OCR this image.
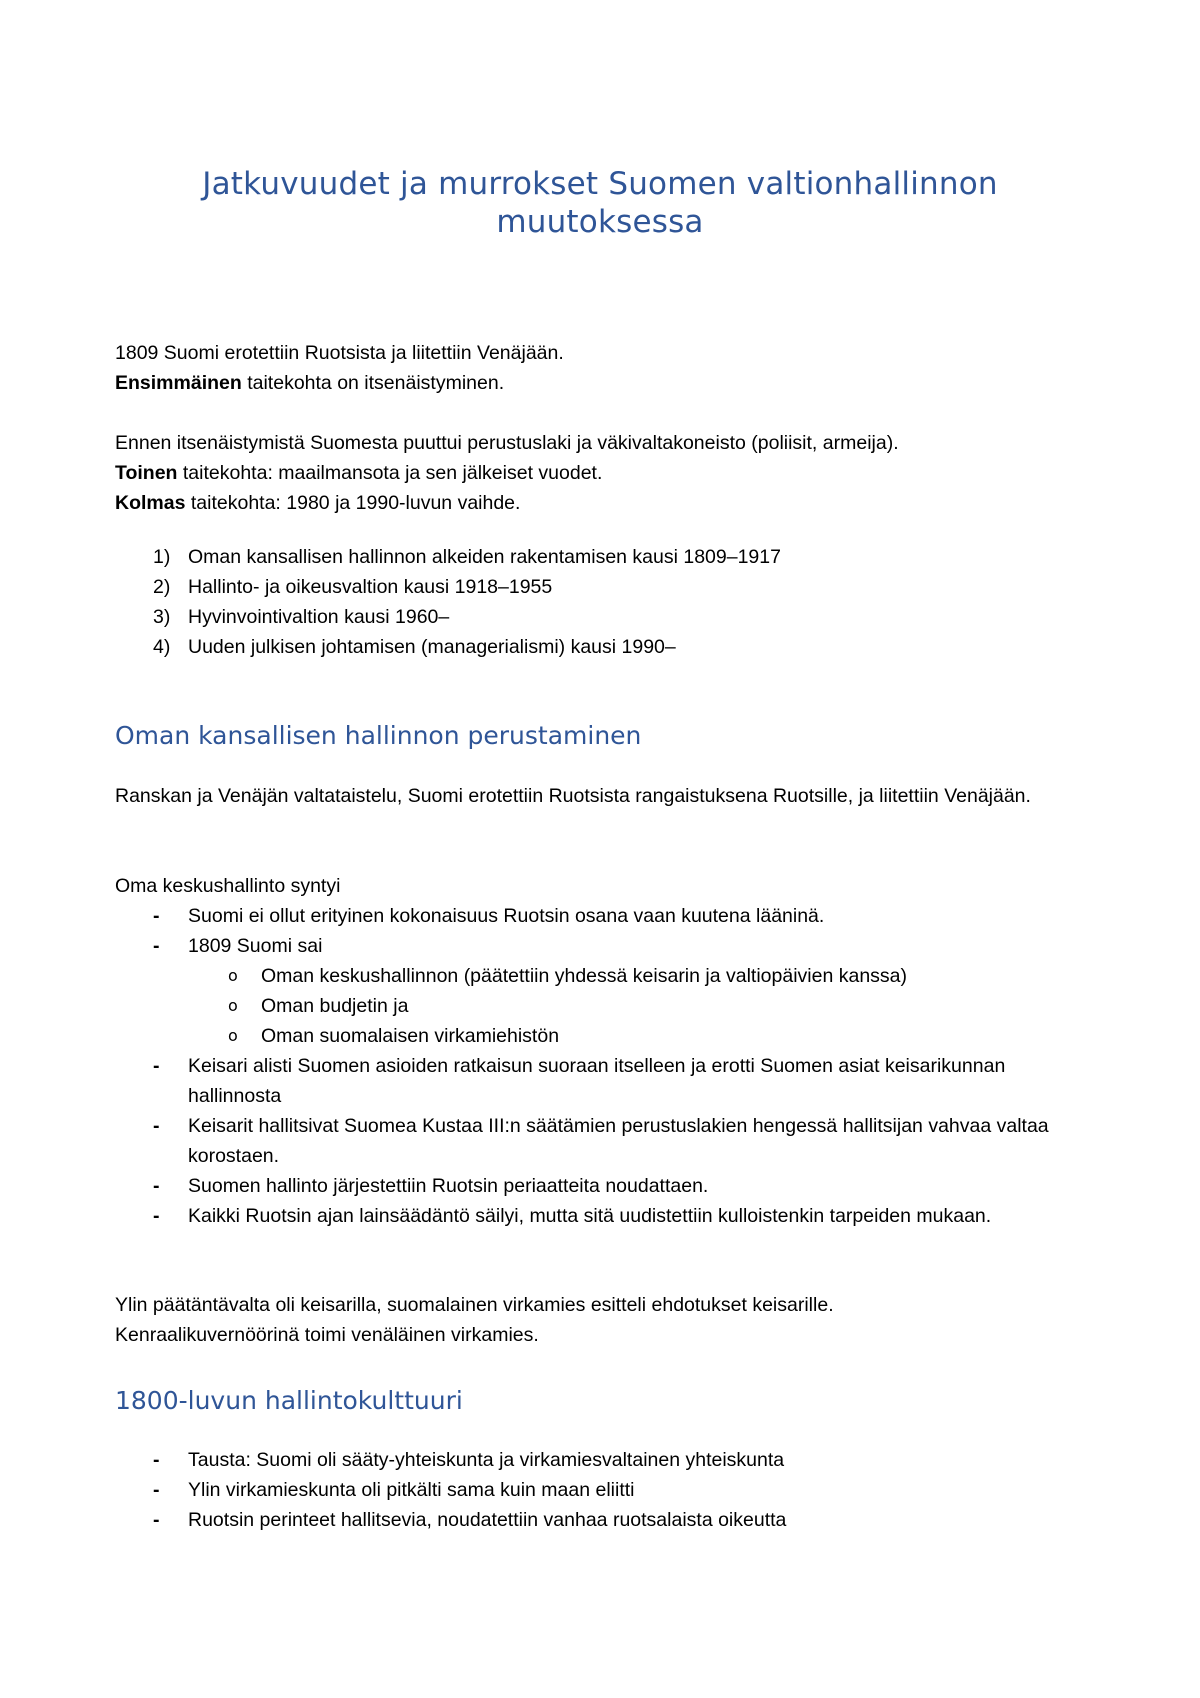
Jatkuvuudet ja murrokset Suomen valtionhallinnon muutoksessa
1809 Suomi erotettiin Ruotsista ja liitettiin Venäjään.
Ensimmäinen taitekohta on itsenäistyminen.

Ennen itsenäistymistä Suomesta puuttui perustuslaki ja väkivaltakoneisto (poliisit, armeija).
Toinen taitekohta: maailmansota ja sen jälkeiset vuodet.
Kolmas taitekohta: 1980 ja 1990-luvun vaihde.
1) Oman kansallisen hallinnon alkeiden rakentamisen kausi 1809–1917
2) Hallinto- ja oikeusvaltion kausi 1918–1955
3) Hyvinvointivaltion kausi 1960–
4) Uuden julkisen johtamisen (managerialismi) kausi 1990–
Oman kansallisen hallinnon perustaminen
Ranskan ja Venäjän valtataistelu, Suomi erotettiin Ruotsista rangaistuksena Ruotsille, ja liitettiin Venäjään.
Oma keskushallinto syntyi
- Suomi ei ollut erityinen kokonaisuus Ruotsin osana vaan kuutena lääninä.
- 1809 Suomi sai
o Oman keskushallinnon (päätettiin yhdessä keisarin ja valtiopäivien kanssa)
o Oman budjetin ja
o Oman suomalaisen virkamiehistön
- Keisari alisti Suomen asioiden ratkaisun suoraan itselleen ja erotti Suomen asiat keisarikunnan hallinnosta
- Keisarit hallitsivat Suomea Kustaa III:n säätämien perustuslakien hengessä hallitsijan vahvaa valtaa korostaen.
- Suomen hallinto järjestettiin Ruotsin periaatteita noudattaen.
- Kaikki Ruotsin ajan lainsäädäntö säilyi, mutta sitä uudistettiin kulloistenkin tarpeiden mukaan.
Ylin päätäntävalta oli keisarilla, suomalainen virkamies esitteli ehdotukset keisarille.
Kenraalikuvernöörinä toimi venäläinen virkamies.
1800-luvun hallintokulttuuri
- Tausta: Suomi oli sääty-yhteiskunta ja virkamiesvaltainen yhteiskunta
- Ylin virkamieskunta oli pitkälti sama kuin maan eliitti
- Ruotsin perinteet hallitsevia, noudatettiin vanhaa ruotsalaista oikeutta
